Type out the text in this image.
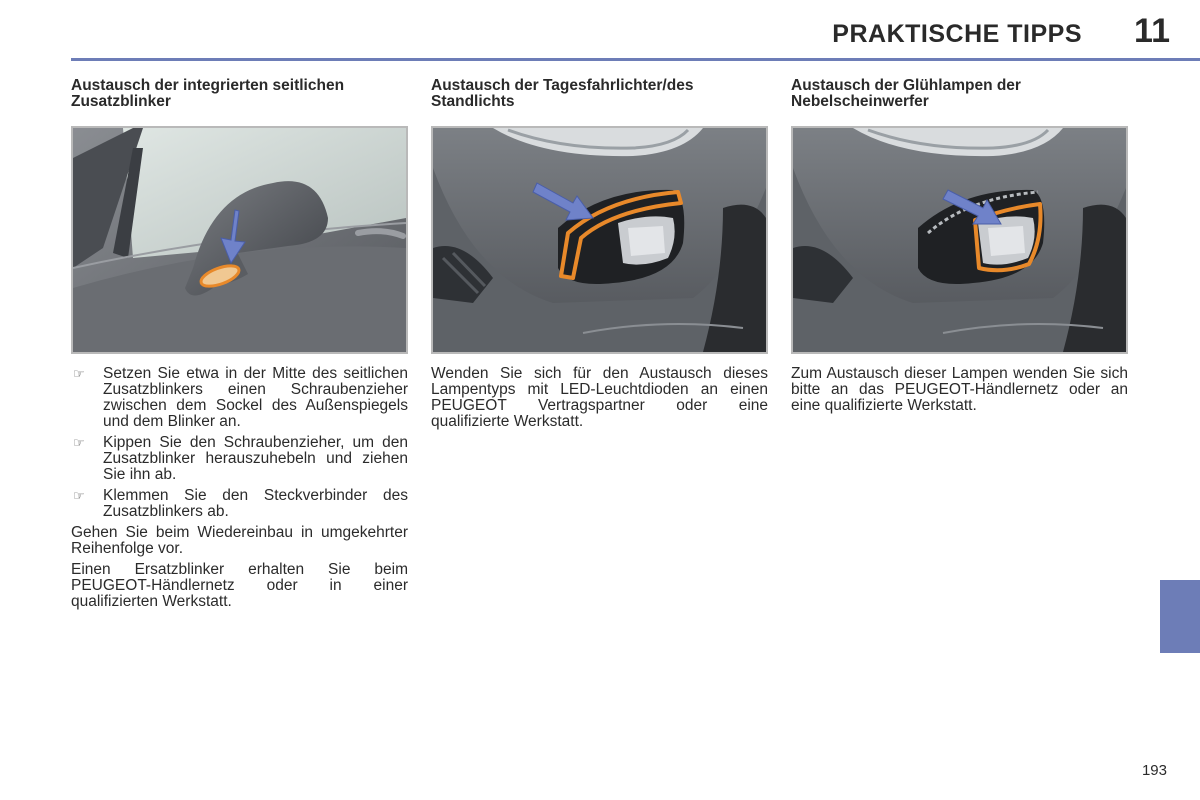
PRAKTISCHE TIPPS 11
Austausch der integrierten seitlichen Zusatzblinker
☞	Setzen Sie etwa in der Mitte des seitlichen Zusatzblinkers einen Schraubenzieher zwischen dem Sockel des Außenspiegels und dem Blinker an.
☞	Kippen Sie den Schraubenzieher, um den Zusatzblinker herauszuhebeln und ziehen Sie ihn ab.
☞	Klemmen Sie den Steckverbinder des Zusatzblinkers ab.

Gehen Sie beim Wiedereinbau in umgekehrter Reihenfolge vor.

Einen Ersatzblinker erhalten Sie beim PEUGEOT-Händlernetz oder in einer qualifizierten Werkstatt.

Austausch der Tagesfahrlichter/des Standlichts

Wenden Sie sich für den Austausch dieses Lampentyps mit LED-Leuchtdioden an einen PEUGEOT Vertragspartner oder eine qualifizierte Werkstatt.

Austausch der Glühlampen der Nebelscheinwerfer

Zum Austausch dieser Lampen wenden Sie sich bitte an das PEUGEOT-Händlernetz oder an eine qualifizierte Werkstatt.

193
